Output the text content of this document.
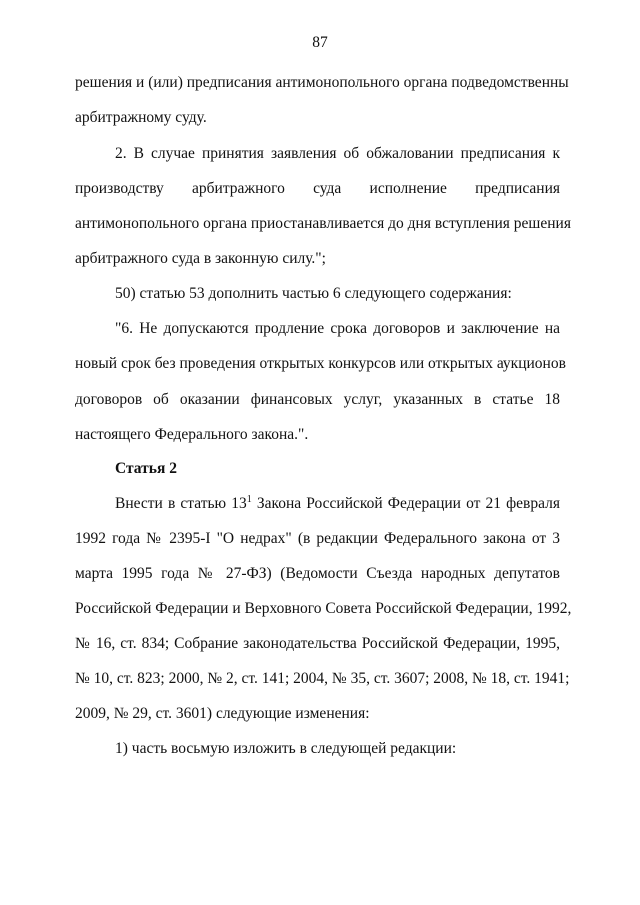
87
решения и (или) предписания антимонопольного органа подведомственны
арбитражному суду.
2. В случае принятия заявления об обжаловании предписания к
производству арбитражного суда исполнение предписания
антимонопольного органа приостанавливается до дня вступления решения
арбитражного суда в законную силу.";
50) статью 53 дополнить частью 6 следующего содержания:
"6. Не допускаются продление срока договоров и заключение на
новый срок без проведения открытых конкурсов или открытых аукционов
договоров об оказании финансовых услуг, указанных в статье 18
настоящего Федерального закона.".
Статья 2
Внести в статью $13^1$ Закона Российской Федерации от 21 февраля
1992 года № 2395-I "О недрах" (в редакции Федерального закона от 3
марта 1995 года № 27-ФЗ) (Ведомости Съезда народных депутатов
Российской Федерации и Верховного Совета Российской Федерации, 1992,
№ 16, ст. 834; Собрание законодательства Российской Федерации, 1995,
№ 10, ст. 823; 2000, № 2, ст. 141; 2004, № 35, ст. 3607; 2008, № 18, ст. 1941;
2009, № 29, ст. 3601) следующие изменения:
1) часть восьмую изложить в следующей редакции:
